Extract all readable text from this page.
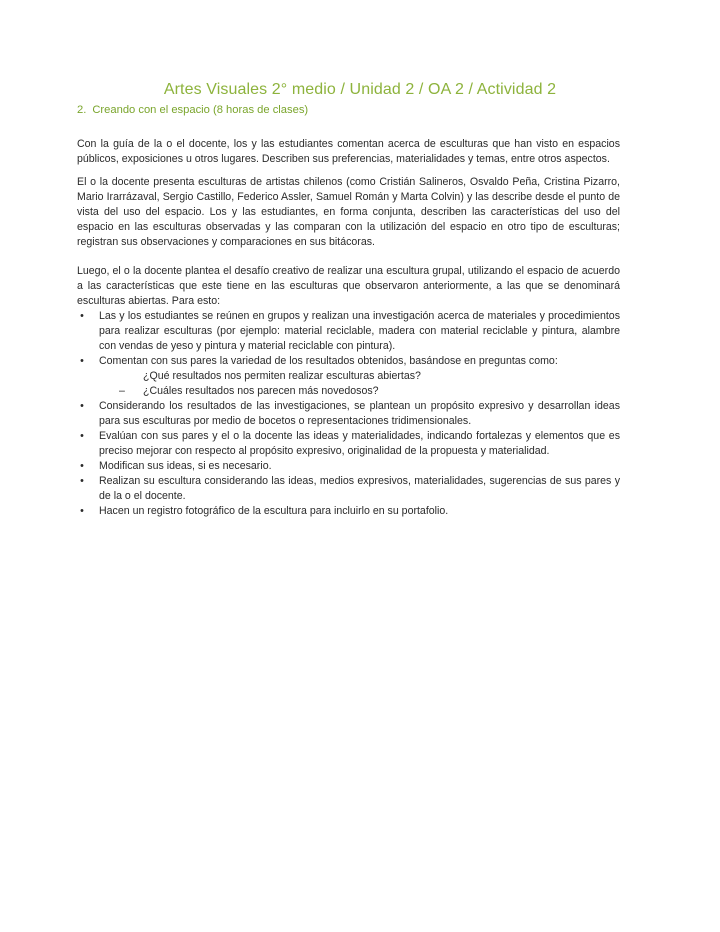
Artes Visuales 2° medio / Unidad 2 / OA 2 / Actividad 2
2. Creando con el espacio (8 horas de clases)

Con la guía de la o el docente, los y las estudiantes comentan acerca de esculturas que han visto en espacios públicos, exposiciones u otros lugares. Describen sus preferencias, materialidades y temas, entre otros aspectos.

El o la docente presenta esculturas de artistas chilenos (como Cristián Salineros, Osvaldo Peña, Cristina Pizarro, Mario Irarrázaval, Sergio Castillo, Federico Assler, Samuel Román y Marta Colvin) y las describe desde el punto de vista del uso del espacio. Los y las estudiantes, en forma conjunta, describen las características del uso del espacio en las esculturas observadas y las comparan con la utilización del espacio en otro tipo de esculturas; registran sus observaciones y comparaciones en sus bitácoras.

Luego, el o la docente plantea el desafío creativo de realizar una escultura grupal, utilizando el espacio de acuerdo a las características que este tiene en las esculturas que observaron anteriormente, a las que se denominará esculturas abiertas. Para esto:

• Las y los estudiantes se reúnen en grupos y realizan una investigación acerca de materiales y procedimientos para realizar esculturas (por ejemplo: material reciclable, madera con material reciclable y pintura, alambre con vendas de yeso y pintura y material reciclable con pintura).
• Comentan con sus pares la variedad de los resultados obtenidos, basándose en preguntas como:
¿Qué resultados nos permiten realizar esculturas abiertas?
– ¿Cuáles resultados nos parecen más novedosos?
• Considerando los resultados de las investigaciones, se plantean un propósito expresivo y desarrollan ideas para sus esculturas por medio de bocetos o representaciones tridimensionales.
• Evalúan con sus pares y el o la docente las ideas y materialidades, indicando fortalezas y elementos que es preciso mejorar con respecto al propósito expresivo, originalidad de la propuesta y materialidad.
• Modifican sus ideas, si es necesario.
• Realizan su escultura considerando las ideas, medios expresivos, materialidades, sugerencias de sus pares y de la o el docente.
• Hacen un registro fotográfico de la escultura para incluirlo en su portafolio.
